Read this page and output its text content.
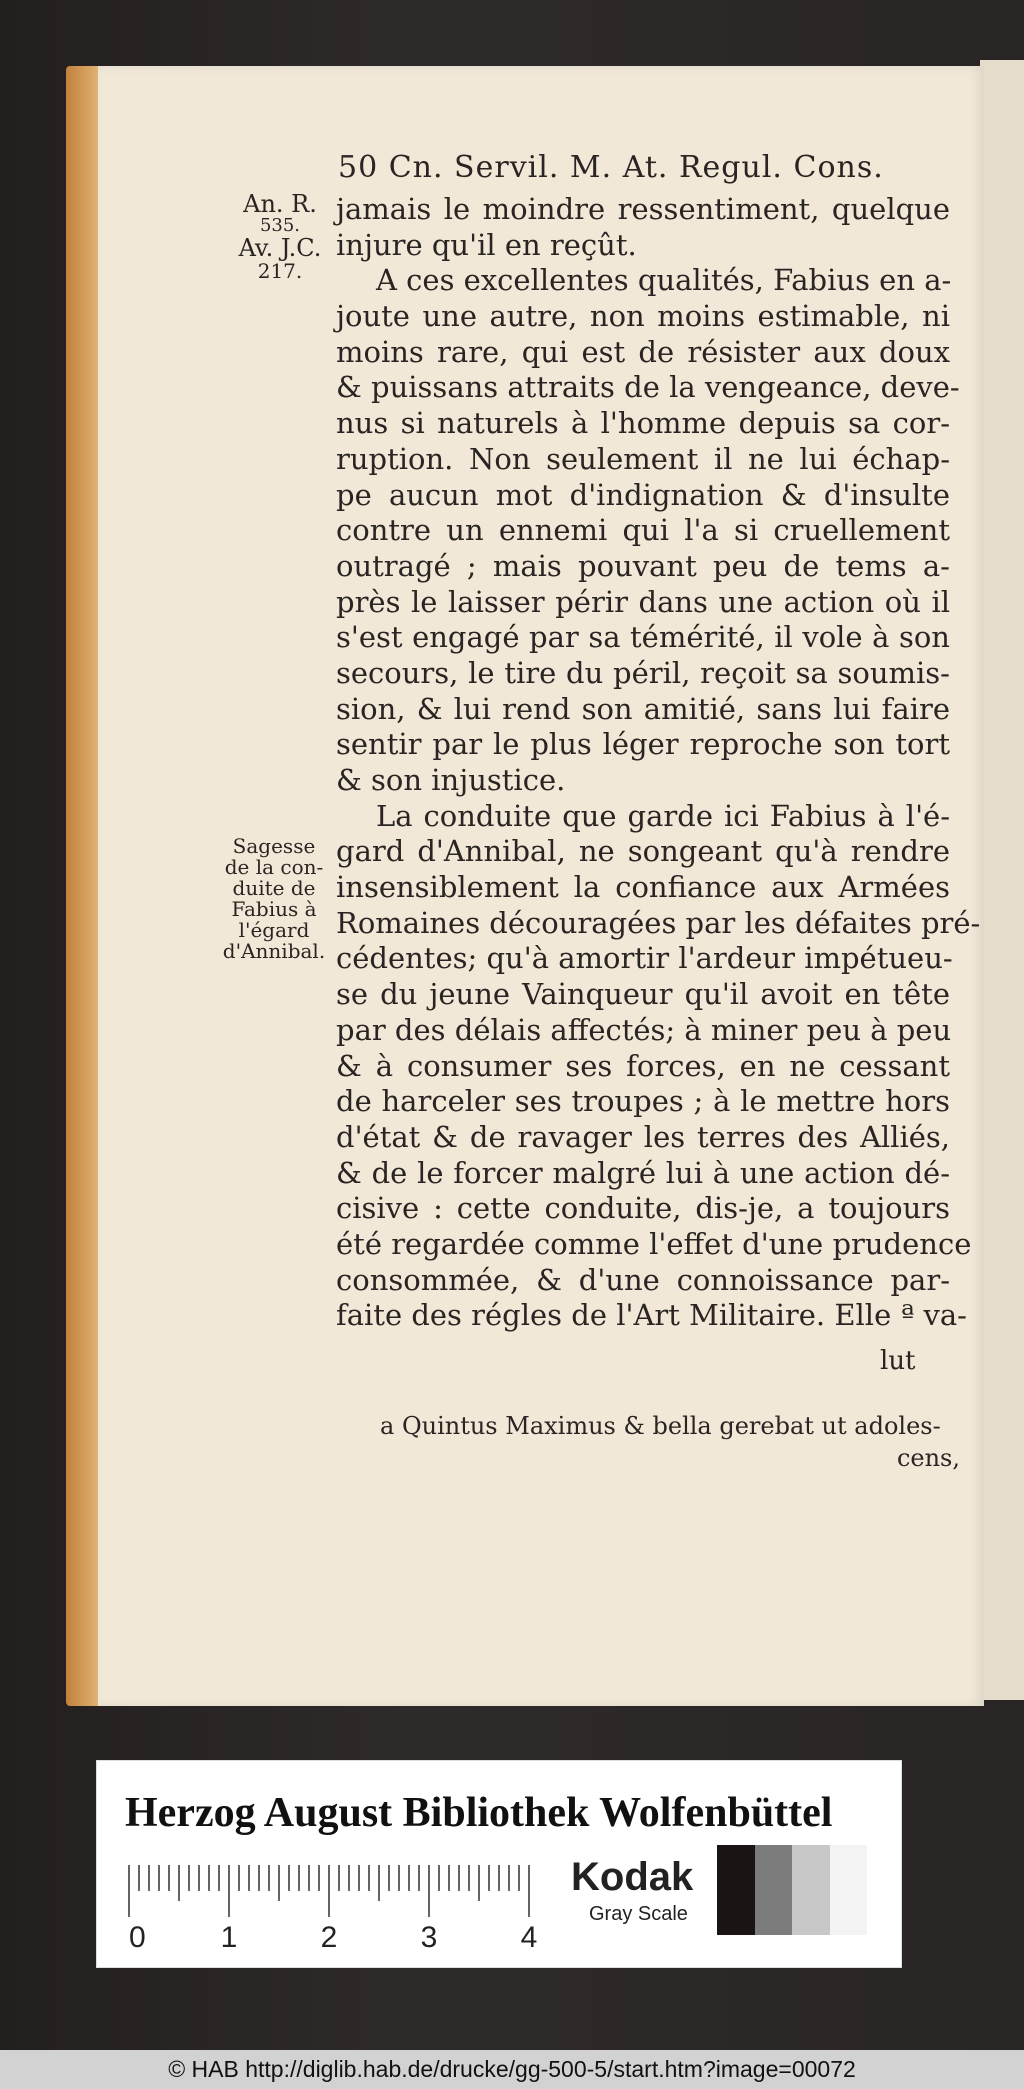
50 Cn. Servil. M. At. Regul. Cons.
An. R.
535.
Av. J.C.
217.
Sagesse
de la con-
duite de
Fabius à
l'égard
d'Annibal.
jamais le moindre ressentiment, quelque
injure qu'il en reçût.
A ces excellentes qualités, Fabius en a-
joute une autre, non moins estimable, ni
moins rare, qui est de résister aux doux
& puissans attraits de la vengeance, deve-
nus si naturels à l'homme depuis sa cor-
ruption. Non seulement il ne lui échap-
pe aucun mot d'indignation & d'insulte
contre un ennemi qui l'a si cruellement
outragé ; mais pouvant peu de tems a-
près le laisser périr dans une action où il
s'est engagé par sa témérité, il vole à son
secours, le tire du péril, reçoit sa soumis-
sion, & lui rend son amitié, sans lui faire
sentir par le plus léger reproche son tort
& son injustice.
La conduite que garde ici Fabius à l'é-
gard d'Annibal, ne songeant qu'à rendre
insensiblement la confiance aux Armées
Romaines découragées par les défaites pré-
cédentes; qu'à amortir l'ardeur impétueu-
se du jeune Vainqueur qu'il avoit en tête
par des délais affectés; à miner peu à peu
& à consumer ses forces, en ne cessant
de harceler ses troupes ; à le mettre hors
d'état & de ravager les terres des Alliés,
& de le forcer malgré lui à une action dé-
cisive : cette conduite, dis-je, a toujours
été regardée comme l'effet d'une prudence
consommée, & d'une connoissance par-
faite des régles de l'Art Militaire. Elle ª va-
lut
a Quintus Maximus & bella gerebat ut adoles-
cens,
Herzog August Bibliothek Wolfenbüttel
0 1	2	3	4
Kodak
Gray Scale
© HAB http://diglib.hab.de/drucke/gg-500-5/start.htm?image=00072
